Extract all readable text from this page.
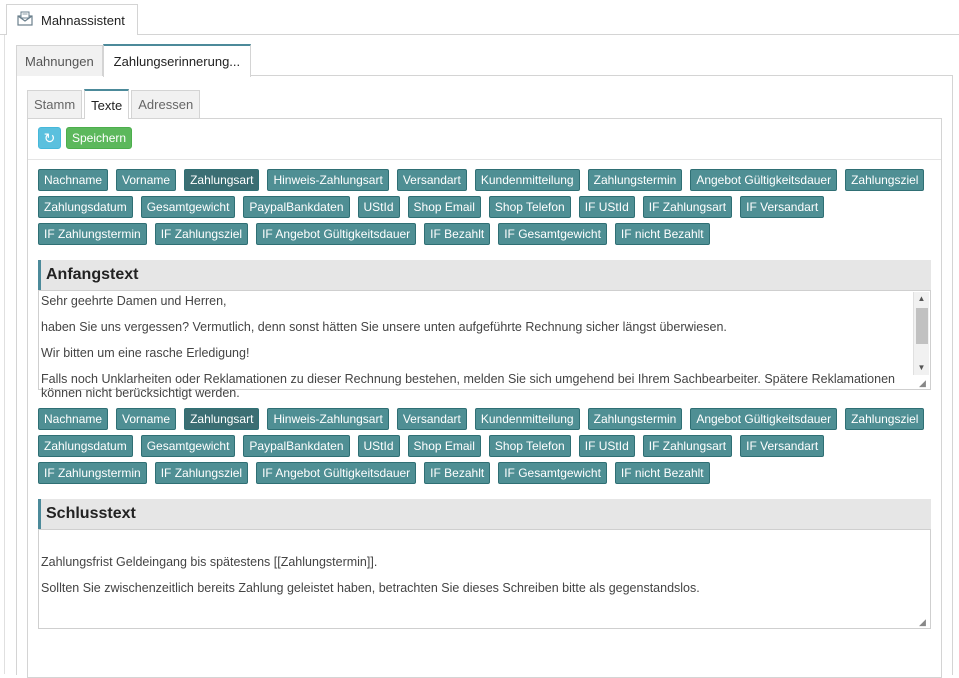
Mahnassistent
Mahnungen Zahlungserinnerung...
Stamm Texte Adressen
↻ Speichern
Nachname	Vorname	Zahlungsart	Hinweis-Zahlungsart	Versandart	Kundenmitteilung	Zahlungstermin	Angebot Gültigkeitsdauer	Zahlungsziel
Zahlungsdatum	Gesamtgewicht	PaypalBankdaten	UStId	Shop Email	Shop Telefon	IF UStId	IF Zahlungsart	IF Versandart
IF Zahlungstermin	IF Zahlungsziel	IF Angebot Gültigkeitsdauer	IF Bezahlt	IF Gesamtgewicht	IF nicht Bezahlt
Anfangstext

Sehr geehrte Damen und Herren,

haben Sie uns vergessen? Vermutlich, denn sonst hätten Sie unsere unten aufgeführte Rechnung sicher längst überwiesen.

Wir bitten um eine rasche Erledigung!

Falls noch Unklarheiten oder Reklamationen zu dieser Rechnung bestehen, melden Sie sich umgehend bei Ihrem Sachbearbeiter. Spätere Reklamationen können nicht berücksichtigt werden.

▲
▼
◢
Nachname	Vorname	Zahlungsart	Hinweis-Zahlungsart	Versandart	Kundenmitteilung	Zahlungstermin	Angebot Gültigkeitsdauer	Zahlungsziel
Zahlungsdatum	Gesamtgewicht	PaypalBankdaten	UStId	Shop Email	Shop Telefon	IF UStId	IF Zahlungsart	IF Versandart
IF Zahlungstermin	IF Zahlungsziel	IF Angebot Gültigkeitsdauer	IF Bezahlt	IF Gesamtgewicht	IF nicht Bezahlt
Schlusstext

Zahlungsfrist Geldeingang bis spätestens [[Zahlungstermin]].

Sollten Sie zwischenzeitlich bereits Zahlung geleistet haben, betrachten Sie dieses Schreiben bitte als gegenstandslos.

◢
